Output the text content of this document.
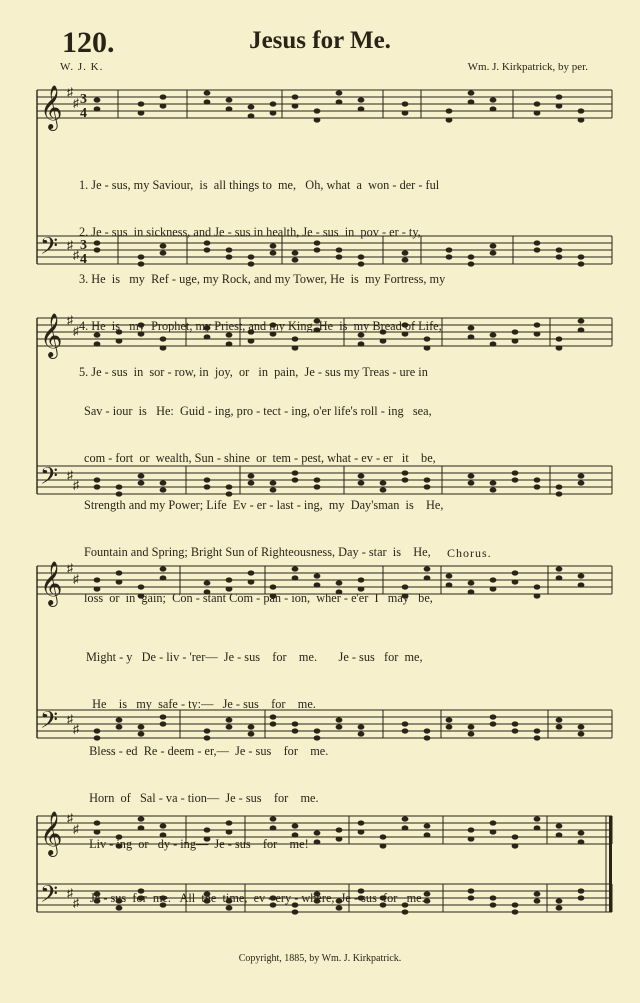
120.	Jesus for Me.
W. J. K.	Wm. J. Kirkpatrick, by per.
𝄞 ♯
♯
𝄢 ♯
♯
𝄞 ♯
♯
𝄢 ♯
♯
𝄞 ♯
♯
𝄢 ♯
♯
𝄞 ♯
♯
𝄢 ♯
♯
3
4
3
4

1. Je - sus, my Saviour,  is  all things to  me,   Oh, what  a  won - der - ful

2. Je - sus  in sickness, and Je - sus in health, Je - sus  in  pov - er - ty,

3. He  is   my  Ref - uge, my Rock, and my Tower, He  is  my Fortress, my

4. He  is   my  Prophet, my Priest, and my King, He  is  my Bread of Life,

5. Je - sus  in  sor - row, in  joy,  or   in  pain,  Je - sus my Treas - ure in

Sav - iour  is   He:  Guid - ing, pro - tect - ing, o'er life's roll - ing   sea,

com - fort  or  wealth, Sun - shine  or  tem - pest, what - ev - er   it    be,

Strength and my Power; Life  Ev - er - last - ing,  my  Day'sman  is    He,

Fountain and Spring; Bright Sun of Righteousness, Day - star  is    He,

loss  or  in  gain;  Con - stant Com - pan - ion,  wher - e'er  I   may   be,

Chorus.

Might - y   De - liv - 'rer—  Je - sus    for    me.       Je - sus   for  me,

He    is   my  safe - ty:—   Je - sus    for    me.

Bless - ed  Re - deem - er,—  Je - sus    for    me.

Horn  of   Sal - va - tion—  Je - sus    for    me.

Liv - ing  or   dy - ing—  Je - sus    for    me!

Je - sus  for  me.   All  the  time,  ev - ery - where,  Je - sus  for   me.

Copyright, 1885, by Wm. J. Kirkpatrick.
